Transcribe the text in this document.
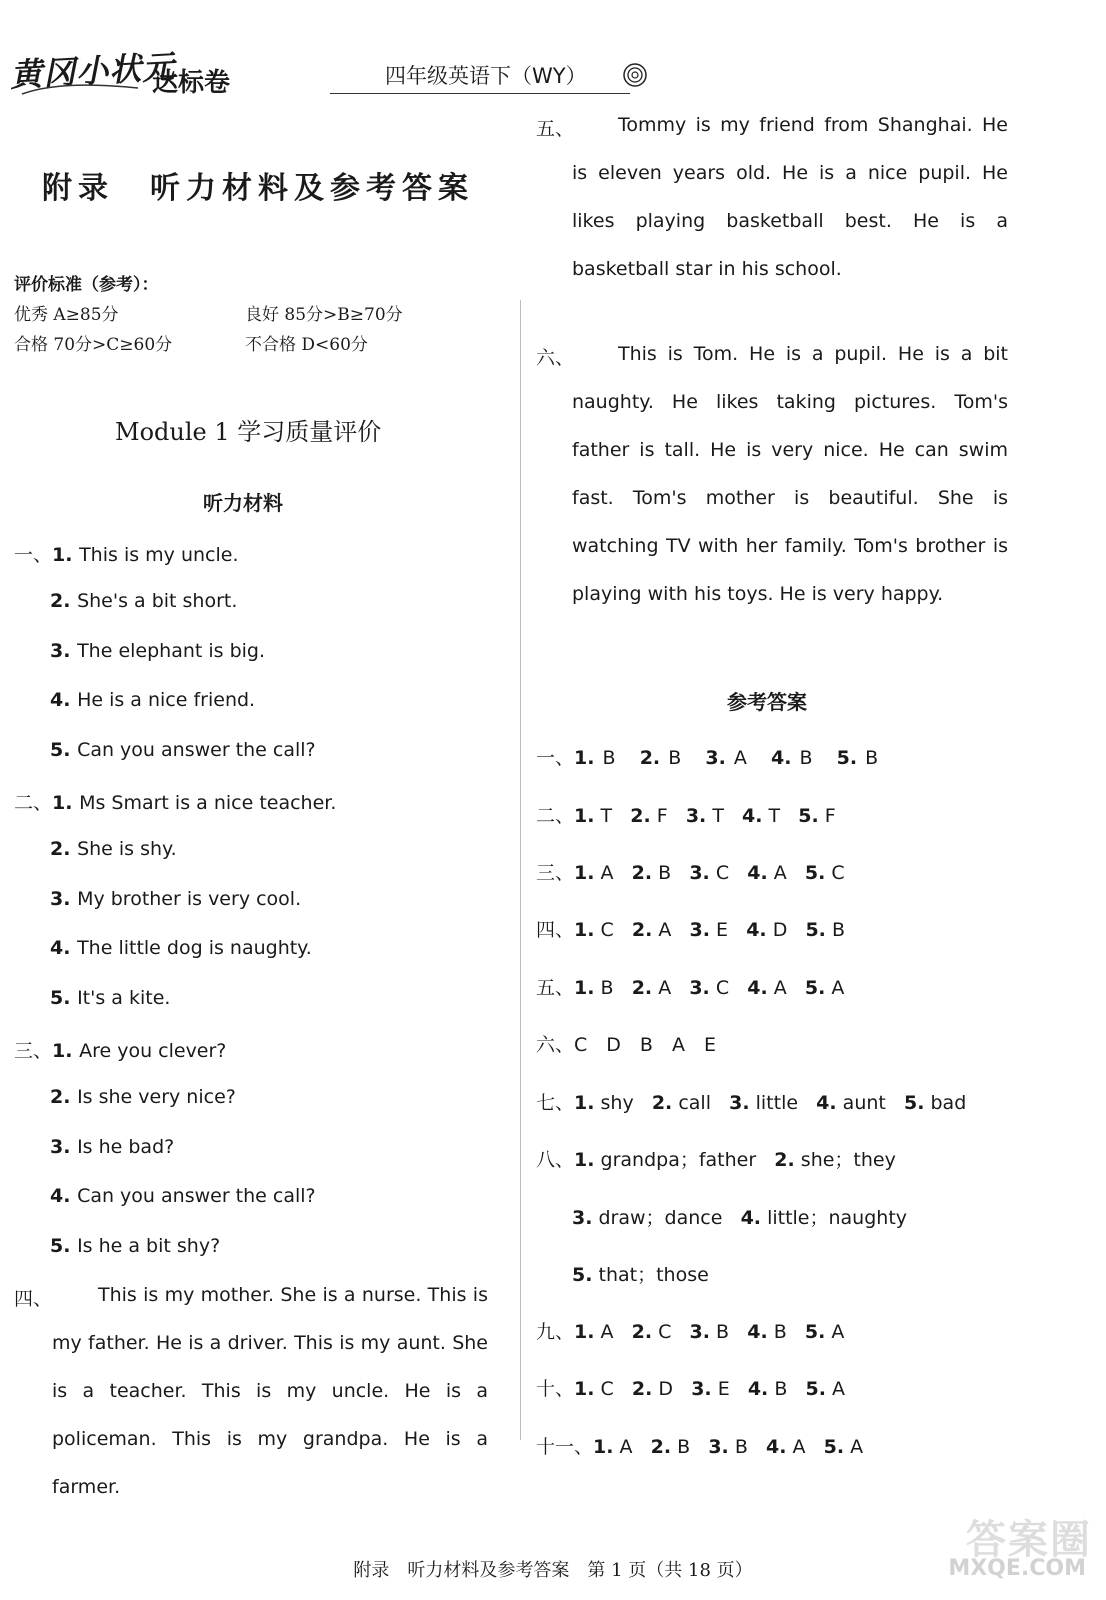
黄冈小状元
达标卷	四年级英语下（WY）
附录　听力材料及参考答案
评价标准（参考）：
优秀 A≥85分	良好 85分>B≥70分
合格 70分>C≥60分	不合格 D<60分
Module 1 学习质量评价
听力材料
一、1. This is my uncle.
2. She's a bit short.
3. The elephant is big.
4. He is a nice friend.
5. Can you answer the call?
二、1. Ms Smart is a nice teacher.
2. She is shy.
3. My brother is very cool.
4. The little dog is naughty.
5. It's a kite.
三、1. Are you clever?
2. Is she very nice?
3. Is he bad?
4. Can you answer the call?
5. Is he a bit shy?
四、	This is my mother. She is a nurse. This is my father. He is a driver. This is my aunt. She is a teacher. This is my uncle. He is a policeman. This is my grandpa. He is a farmer.
五、	Tommy is my friend from Shanghai. He is eleven years old. He is a nice pupil. He likes playing basketball best. He is a basketball star in his school.
六、	This is Tom. He is a pupil. He is a bit naughty. He likes taking pictures. Tom's father is tall. He is very nice. He can swim fast. Tom's mother is beautiful. She is watching TV with her family. Tom's brother is playing with his toys. He is very happy.
参考答案
一、1. B 2. B 3. A 4. B 5. B
二、1. T 2. F 3. T 4. T 5. F
三、1. A 2. B 3. C 4. A 5. C
四、1. C 2. A 3. E 4. D 5. B
五、1. B 2. A 3. C 4. A 5. A
六、C　D　B　A　E
七、1. shy 2. call 3. little 4. aunt 5. bad
八、1. grandpa；father 2. she；they
3. draw；dance 4. little；naughty
5. that；those
九、1. A 2. C 3. B 4. B 5. A
十、1. C 2. D 3. E 4. B 5. A
十一、1. A 2. B 3. B 4. A 5. A
附录　听力材料及参考答案　第 1 页（共 18 页）
答案圈
MXQE.COM
